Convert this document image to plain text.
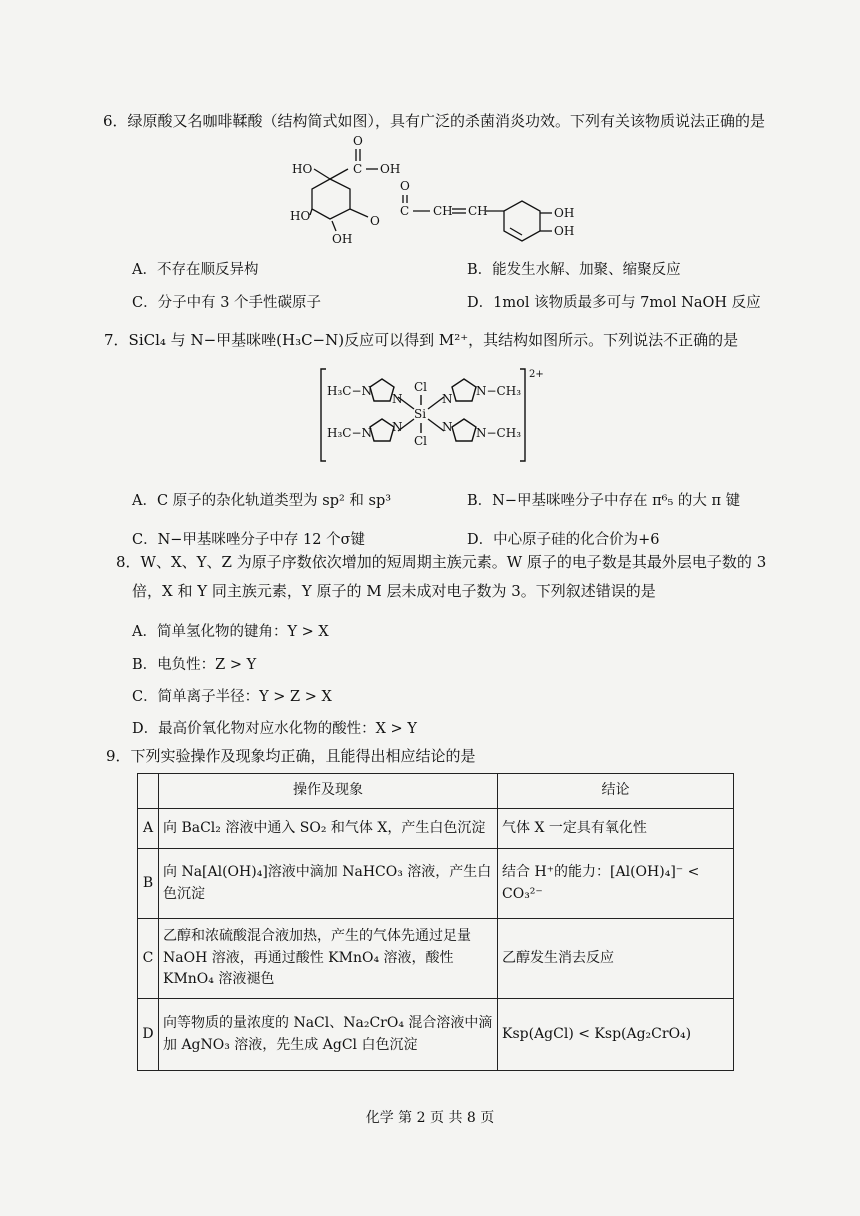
6．绿原酸又名咖啡鞣酸（结构简式如图），具有广泛的杀菌消炎功效。下列有关该物质说法正确的是
HO
O
C OH
HO
OH
O
O
C CH CH	OH
OH
A．不存在顺反异构	B．能发生水解、加聚、缩聚反应
C．分子中有 3 个手性碳原子	D．1mol 该物质最多可与 7mol NaOH 反应
7．SiCl₄ 与 N−甲基咪唑(H₃C−N)反应可以得到 M²⁺，其结构如图所示。下列说法不正确的是
H₃C−N
N
Cl
N
N−CH₃
H₃C−N N
Si
Cl
N N−CH₃
2+
A．C 原子的杂化轨道类型为 sp² 和 sp³	B．N−甲基咪唑分子中存在 π⁶₅ 的大 π 键
C．N−甲基咪唑分子中存 12 个σ键	D．中心原子硅的化合价为+6
8．W、X、Y、Z 为原子序数依次增加的短周期主族元素。W 原子的电子数是其最外层电子数的 3
倍，X 和 Y 同主族元素，Y 原子的 M 层未成对电子数为 3。下列叙述错误的是
A．简单氢化物的键角：Y > X
B．电负性：Z > Y
C．简单离子半径：Y > Z > X
D．最高价氧化物对应水化物的酸性：X > Y
9．下列实验操作及现象均正确，且能得出相应结论的是
	操作及现象	结论
A	向 BaCl₂ 溶液中通入 SO₂ 和气体 X，产生白色沉淀	气体 X 一定具有氧化性
B	向 Na[Al(OH)₄]溶液中滴加 NaHCO₃ 溶液，产生白色沉淀	结合 H⁺的能力：[Al(OH)₄]⁻ < CO₃²⁻
C	乙醇和浓硫酸混合液加热，产生的气体先通过足量 NaOH 溶液，再通过酸性 KMnO₄ 溶液，酸性 KMnO₄ 溶液褪色	乙醇发生消去反应
D	向等物质的量浓度的 NaCl、Na₂CrO₄ 混合溶液中滴加 AgNO₃ 溶液，先生成 AgCl 白色沉淀	Ksp(AgCl) < Ksp(Ag₂CrO₄)
化学 第 2 页 共 8 页
